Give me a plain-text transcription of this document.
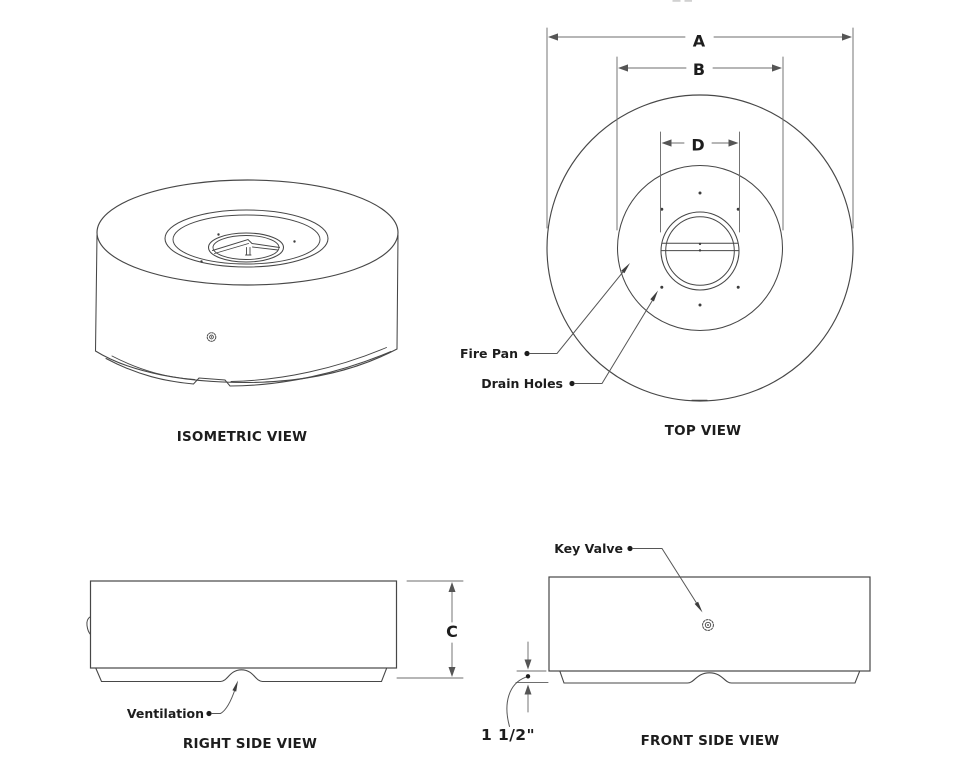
A
B
D
Fire Pan
Drain Holes
TOP VIEW
ISOMETRIC VIEW
C
Ventilation
RIGHT SIDE VIEW
Key Valve
1 1/2"	FRONT SIDE VIEW
